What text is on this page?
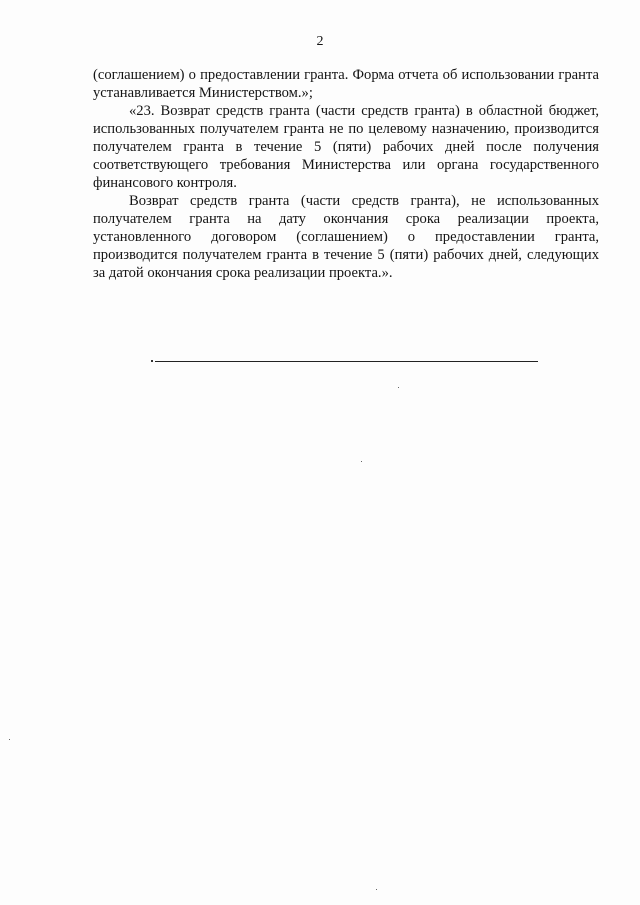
2

(соглашением) о предоставлении гранта. Форма отчета об использовании гранта устанавливается Министерством.»;

«23. Возврат средств гранта (части средств гранта) в областной бюджет, использованных получателем гранта не по целевому назначению, производится получателем гранта в течение 5 (пяти) рабочих дней после получения соответствующего требования Министерства или органа государственного финансового контроля.

Возврат средств гранта (части средств гранта), не использованных получателем гранта на дату окончания срока реализации проекта, установленного договором (соглашением) о предоставлении гранта, производится получателем гранта в течение 5 (пяти) рабочих дней, следующих за датой окончания срока реализации проекта.».
